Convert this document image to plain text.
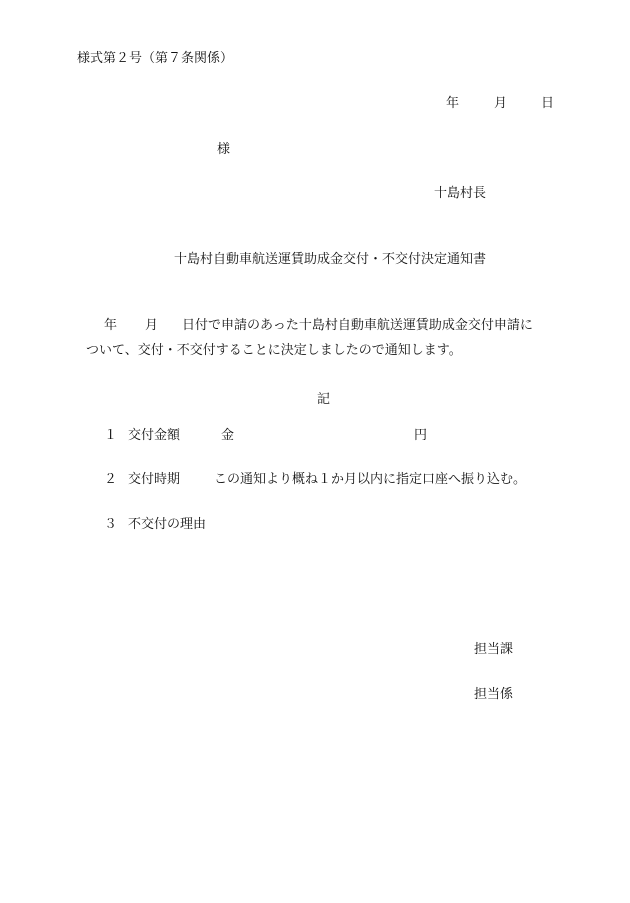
様式第２号（第７条関係）
年	月	日
様
十島村長
十島村自動車航送運賃助成金交付・不交付決定通知書
年 月 日付で申請のあった十島村自動車航送運賃助成金交付申請に
ついて、交付・不交付することに決定しましたので通知します。
記
１ 交付金額	金	円
２ 交付時期	この通知より概ね１か月以内に指定口座へ振り込む。
３ 不交付の理由
担当課
担当係
